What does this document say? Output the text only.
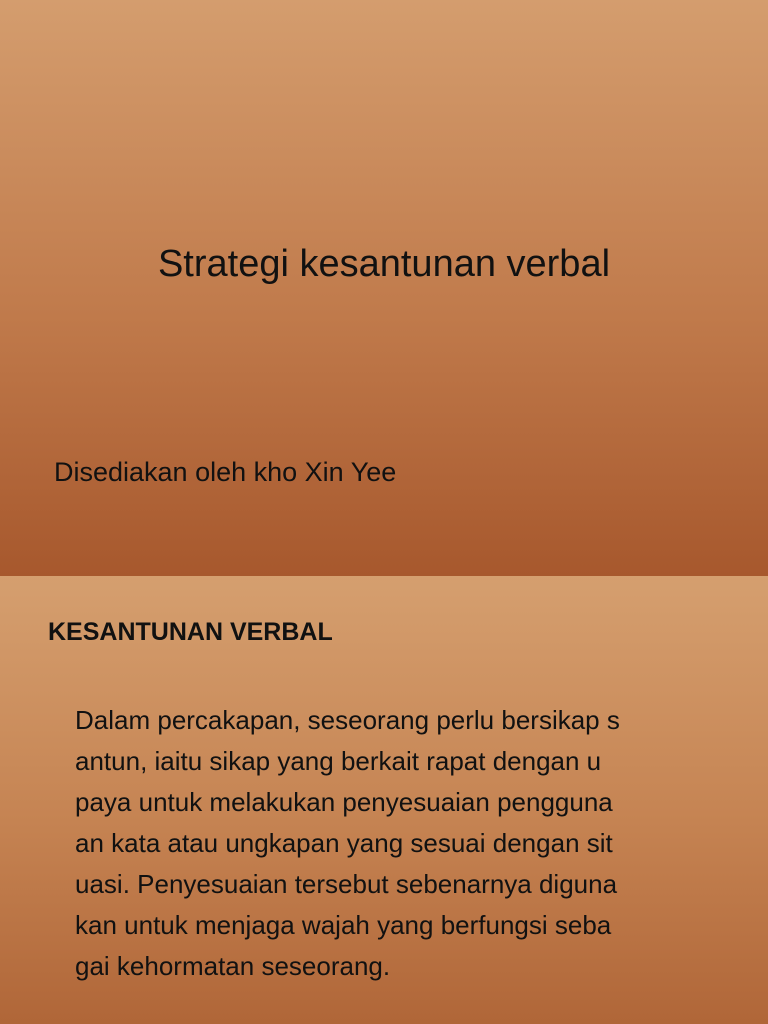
Strategi kesantunan verbal
Disediakan oleh kho Xin Yee
KESANTUNAN VERBAL
Dalam percakapan, seseorang perlu bersikap s
antun, iaitu sikap yang berkait rapat dengan u
paya untuk melakukan penyesuaian pengguna
an kata atau ungkapan yang sesuai dengan sit
uasi. Penyesuaian tersebut sebenarnya diguna
kan untuk menjaga wajah yang berfungsi seba
gai kehormatan seseorang.
